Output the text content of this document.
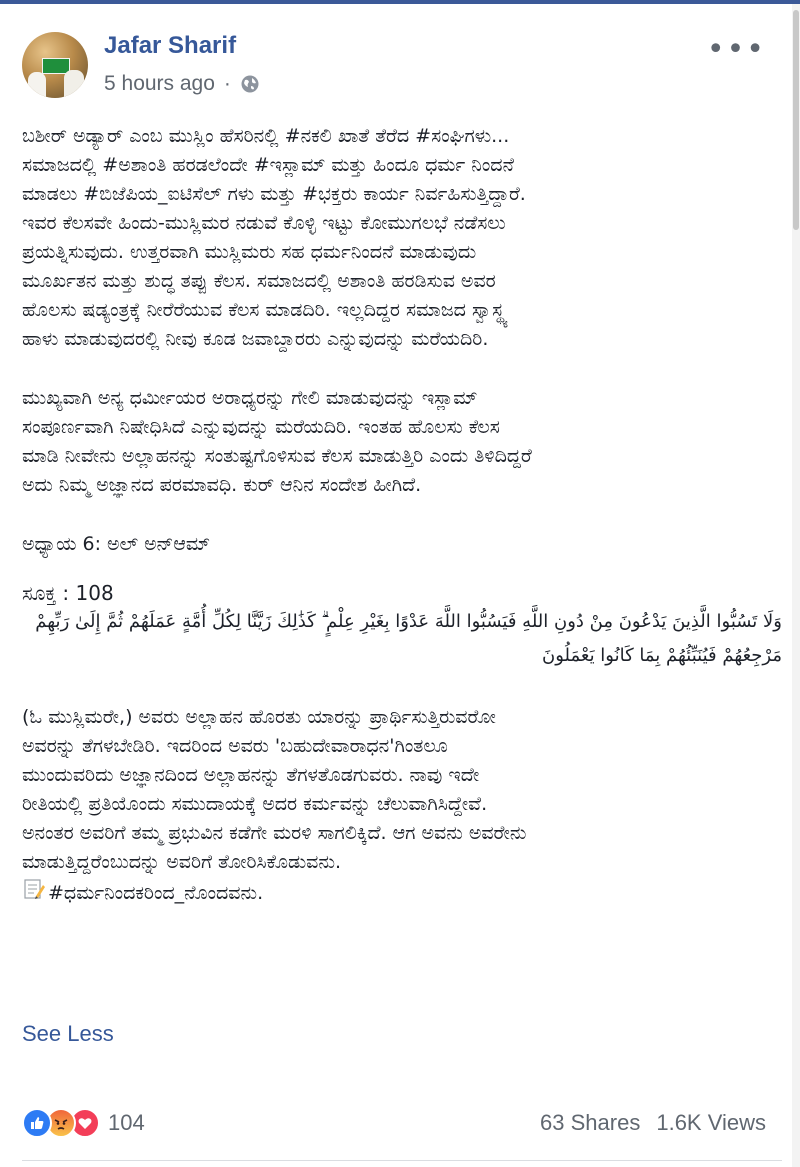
Jafar Sharif
5 hours ago ·
•••

ಬಶೀರ್ ಅಡ್ಯಾರ್ ಎಂಬ ಮುಸ್ಲಿಂ ಹೆಸರಿನಲ್ಲಿ #ನಕಲಿ ಖಾತೆ ತೆರೆದ #ಸಂಘಿಗಳು...
ಸಮಾಜದಲ್ಲಿ #ಅಶಾಂತಿ ಹರಡಲೆಂದೇ #ಇಸ್ಲಾಮ್ ಮತ್ತು ಹಿಂದೂ ಧರ್ಮ ನಿಂದನೆ
ಮಾಡಲು #ಬಿಜೆಪಿಯ_ಐಟಿಸೆಲ್ ಗಳು ಮತ್ತು #ಭಕ್ತರು ಕಾರ್ಯ ನಿರ್ವಹಿಸುತ್ತಿದ್ದಾರೆ.
ಇವರ ಕೆಲಸವೇ ಹಿಂದು-ಮುಸ್ಲಿಮರ ನಡುವೆ ಕೊಳ್ಳಿ ಇಟ್ಟು ಕೋಮುಗಲಭೆ ನಡೆಸಲು
ಪ್ರಯತ್ನಿಸುವುದು. ಉತ್ತರವಾಗಿ ಮುಸ್ಲಿಮರು ಸಹ ಧರ್ಮನಿಂದನೆ ಮಾಡುವುದು
ಮೂರ್ಖತನ ಮತ್ತು ಶುದ್ಧ ತಪ್ಪು ಕೆಲಸ. ಸಮಾಜದಲ್ಲಿ ಅಶಾಂತಿ ಹರಡಿಸುವ ಅವರ
ಹೊಲಸು ಷಡ್ಯಂತ್ರಕ್ಕೆ ನೀರೆರೆಯುವ ಕೆಲಸ ಮಾಡದಿರಿ. ಇಲ್ಲದಿದ್ದರ ಸಮಾಜದ ಸ್ವಾಸ್ಥ್ಯ
ಹಾಳು ಮಾಡುವುದರಲ್ಲಿ ನೀವು ಕೂಡ ಜವಾಬ್ದಾರರು ಎನ್ನುವುದನ್ನು ಮರೆಯದಿರಿ.

ಮುಖ್ಯವಾಗಿ ಅನ್ಯ ಧರ್ಮೀಯರ ಅರಾಧ್ಯರನ್ನು ಗೇಲಿ ಮಾಡುವುದನ್ನು ಇಸ್ಲಾಮ್
ಸಂಪೂರ್ಣವಾಗಿ ನಿಷೇಧಿಸಿದೆ ಎನ್ನುವುದನ್ನು ಮರೆಯದಿರಿ. ಇಂತಹ ಹೊಲಸು ಕೆಲಸ
ಮಾಡಿ ನೀವೇನು ಅಲ್ಲಾಹನನ್ನು ಸಂತುಷ್ಟಗೊಳಿಸುವ ಕೆಲಸ ಮಾಡುತ್ತಿರಿ ಎಂದು ತಿಳಿದಿದ್ದರೆ
ಅದು ನಿಮ್ಮ ಅಜ್ಞಾನದ ಪರಮಾವಧಿ. ಕುರ್ ಆನಿನ ಸಂದೇಶ ಹೀಗಿದೆ.

ಅಧ್ಯಾಯ 6: ಅಲ್ ಅನ್ಆಮ್

ಸೂಕ್ತ : 108

وَلَا تَسُبُّوا الَّذِينَ يَدْعُونَ مِنْ دُونِ اللَّهِ فَيَسُبُّوا اللَّهَ عَدْوًا بِغَيْرِ عِلْمٍ ۗ كَذَٰلِكَ زَيَّنَّا لِكُلِّ أُمَّةٍ عَمَلَهُمْ ثُمَّ إِلَىٰ رَبِّهِمْ مَرْجِعُهُمْ فَيُنَبِّئُهُمْ بِمَا كَانُوا يَعْمَلُونَ

(ಓ ಮುಸ್ಲಿಮರೇ,) ಅವರು ಅಲ್ಲಾಹನ ಹೊರತು ಯಾರನ್ನು ಪ್ರಾರ್ಥಿಸುತ್ತಿರುವರೋ
ಅವರನ್ನು ತೆಗಳಬೇಡಿರಿ. ಇದರಿಂದ ಅವರು 'ಬಹುದೇವಾರಾಧನ'ಗಿಂತಲೂ
ಮುಂದುವರಿದು ಅಜ್ಞಾನದಿಂದ ಅಲ್ಲಾಹನನ್ನು ತೆಗಳತೊಡಗುವರು. ನಾವು ಇದೇ
ರೀತಿಯಲ್ಲಿ ಪ್ರತಿಯೊಂದು ಸಮುದಾಯಕ್ಕೆ ಅದರ ಕರ್ಮವನ್ನು ಚೆಲುವಾಗಿಸಿದ್ದೇವೆ.
ಅನಂತರ ಅವರಿಗೆ ತಮ್ಮ ಪ್ರಭುವಿನ ಕಡೆಗೇ ಮರಳಿ ಸಾಗಲಿಕ್ಕಿದೆ. ಆಗ ಅವನು ಅವರೇನು
ಮಾಡುತ್ತಿದ್ದರೆಂಬುದನ್ನು ಅವರಿಗೆ ತೋರಿಸಿಕೊಡುವನು.

#ಧರ್ಮನಿಂದಕರಿಂದ_ನೊಂದವನು.
See Less
104	63 Shares 1.6K Views
